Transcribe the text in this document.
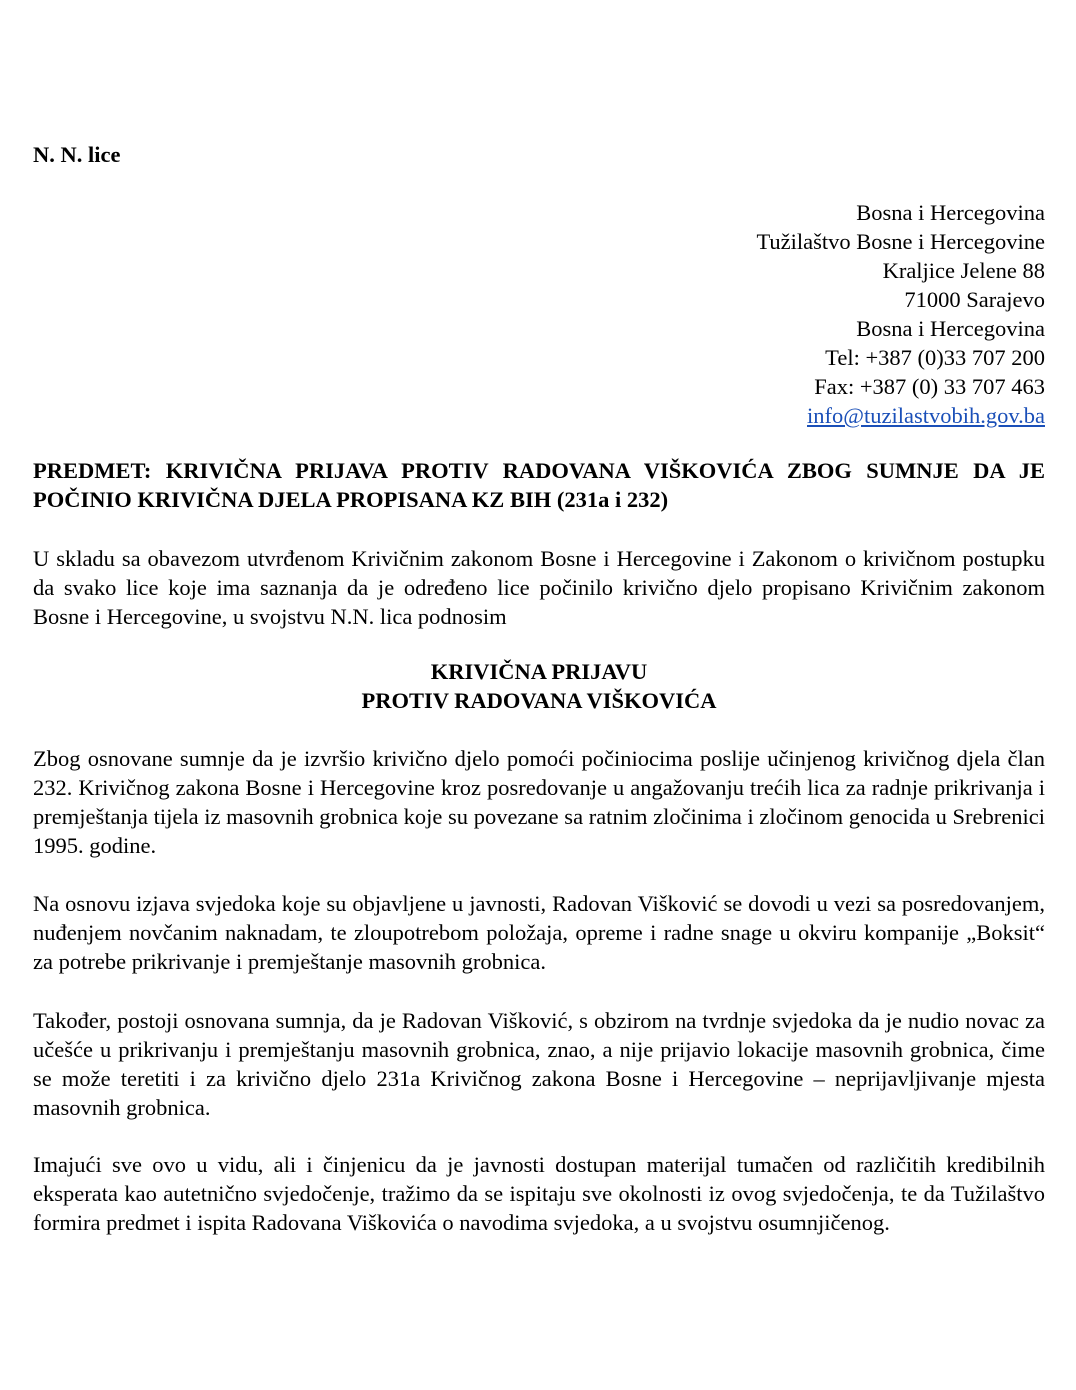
N. N. lice

Bosna i Hercegovina
Tužilaštvo Bosne i Hercegovine
Kraljice Jelene 88
71000 Sarajevo
Bosna i Hercegovina
Tel: +387 (0)33 707 200
Fax: +387 (0) 33 707 463
info@tuzilastvobih.gov.ba

PREDMET: KRIVIČNA PRIJAVA PROTIV RADOVANA VIŠKOVIĆA ZBOG SUMNJE DA JE POČINIO KRIVIČNA DJELA PROPISANA KZ BIH (231a i 232)

U skladu sa obavezom utvrđenom Krivičnim zakonom Bosne i Hercegovine i Zakonom o krivičnom postupku da svako lice koje ima saznanja da je određeno lice počinilo krivično djelo propisano Krivičnim zakonom Bosne i Hercegovine, u svojstvu N.N. lica podnosim

KRIVIČNA PRIJAVU
PROTIV RADOVANA VIŠKOVIĆA

Zbog osnovane sumnje da je izvršio krivično djelo pomoći počiniocima poslije učinjenog krivičnog djela član 232. Krivičnog zakona Bosne i Hercegovine kroz posredovanje u angažovanju trećih lica za radnje prikrivanja i premještanja tijela iz masovnih grobnica koje su povezane sa ratnim zločinima i zločinom genocida u Srebrenici 1995. godine.

Na osnovu izjava svjedoka koje su objavljene u javnosti, Radovan Višković se dovodi u vezi sa posredovanjem, nuđenjem novčanim naknadam, te zloupotrebom položaja, opreme i radne snage u okviru kompanije „Boksit“ za potrebe prikrivanje i premještanje masovnih grobnica.

Također, postoji osnovana sumnja, da je Radovan Višković, s obzirom na tvrdnje svjedoka da je nudio novac za učešće u prikrivanju i premještanju masovnih grobnica, znao, a nije prijavio lokacije masovnih grobnica, čime se može teretiti i za krivično djelo 231a Krivičnog zakona Bosne i Hercegovine – neprijavljivanje mjesta masovnih grobnica.

Imajući sve ovo u vidu, ali i činjenicu da je javnosti dostupan materijal tumačen od različitih kredibilnih eksperata kao autetnično svjedočenje, tražimo da se ispitaju sve okolnosti iz ovog svjedočenja, te da Tužilaštvo formira predmet i ispita Radovana Viškovića o navodima svjedoka, a u svojstvu osumnjičenog.
